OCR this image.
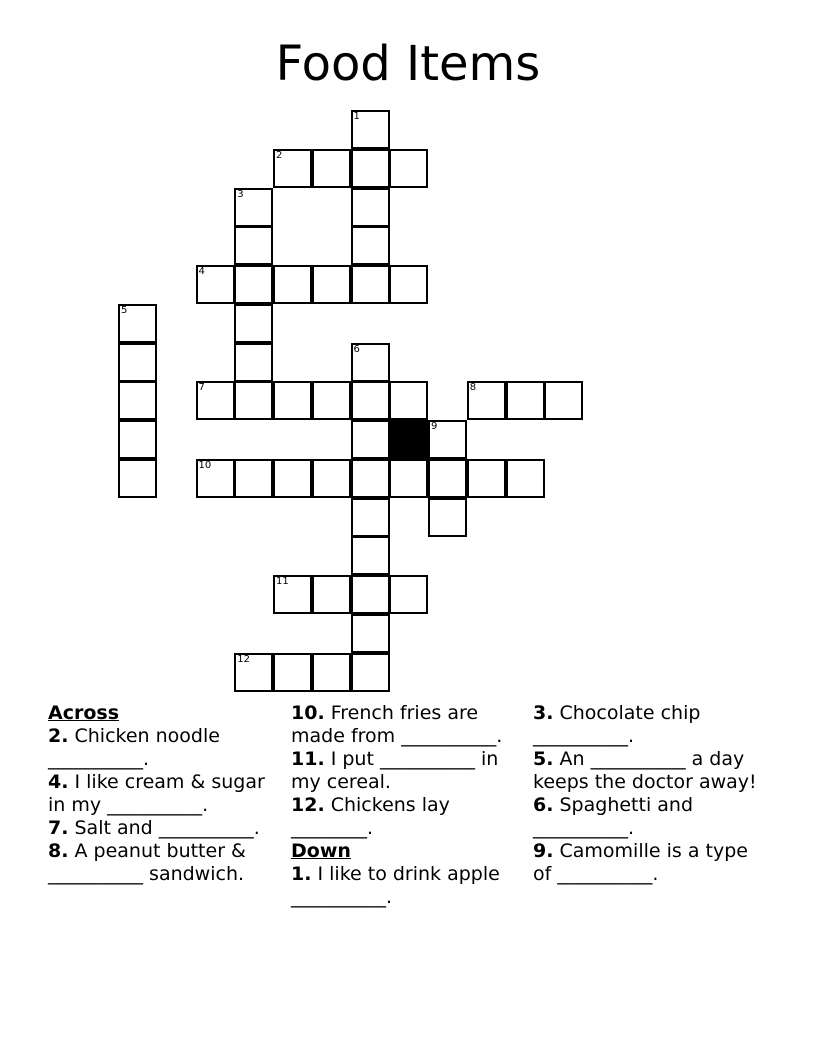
Food Items
1
2
3
4
5
6
7	8
9
10
11
12
Across
2. Chicken noodle __________.
4. I like cream & sugar in my __________.
7. Salt and __________.
8. A peanut butter & __________ sandwich.
10. French fries are made from __________.
11. I put __________ in my cereal.
12. Chickens lay ________.
Down
1. I like to drink apple __________.
3. Chocolate chip __________.
5. An __________ a day keeps the doctor away!
6. Spaghetti and __________.
9. Camomille is a type of __________.
